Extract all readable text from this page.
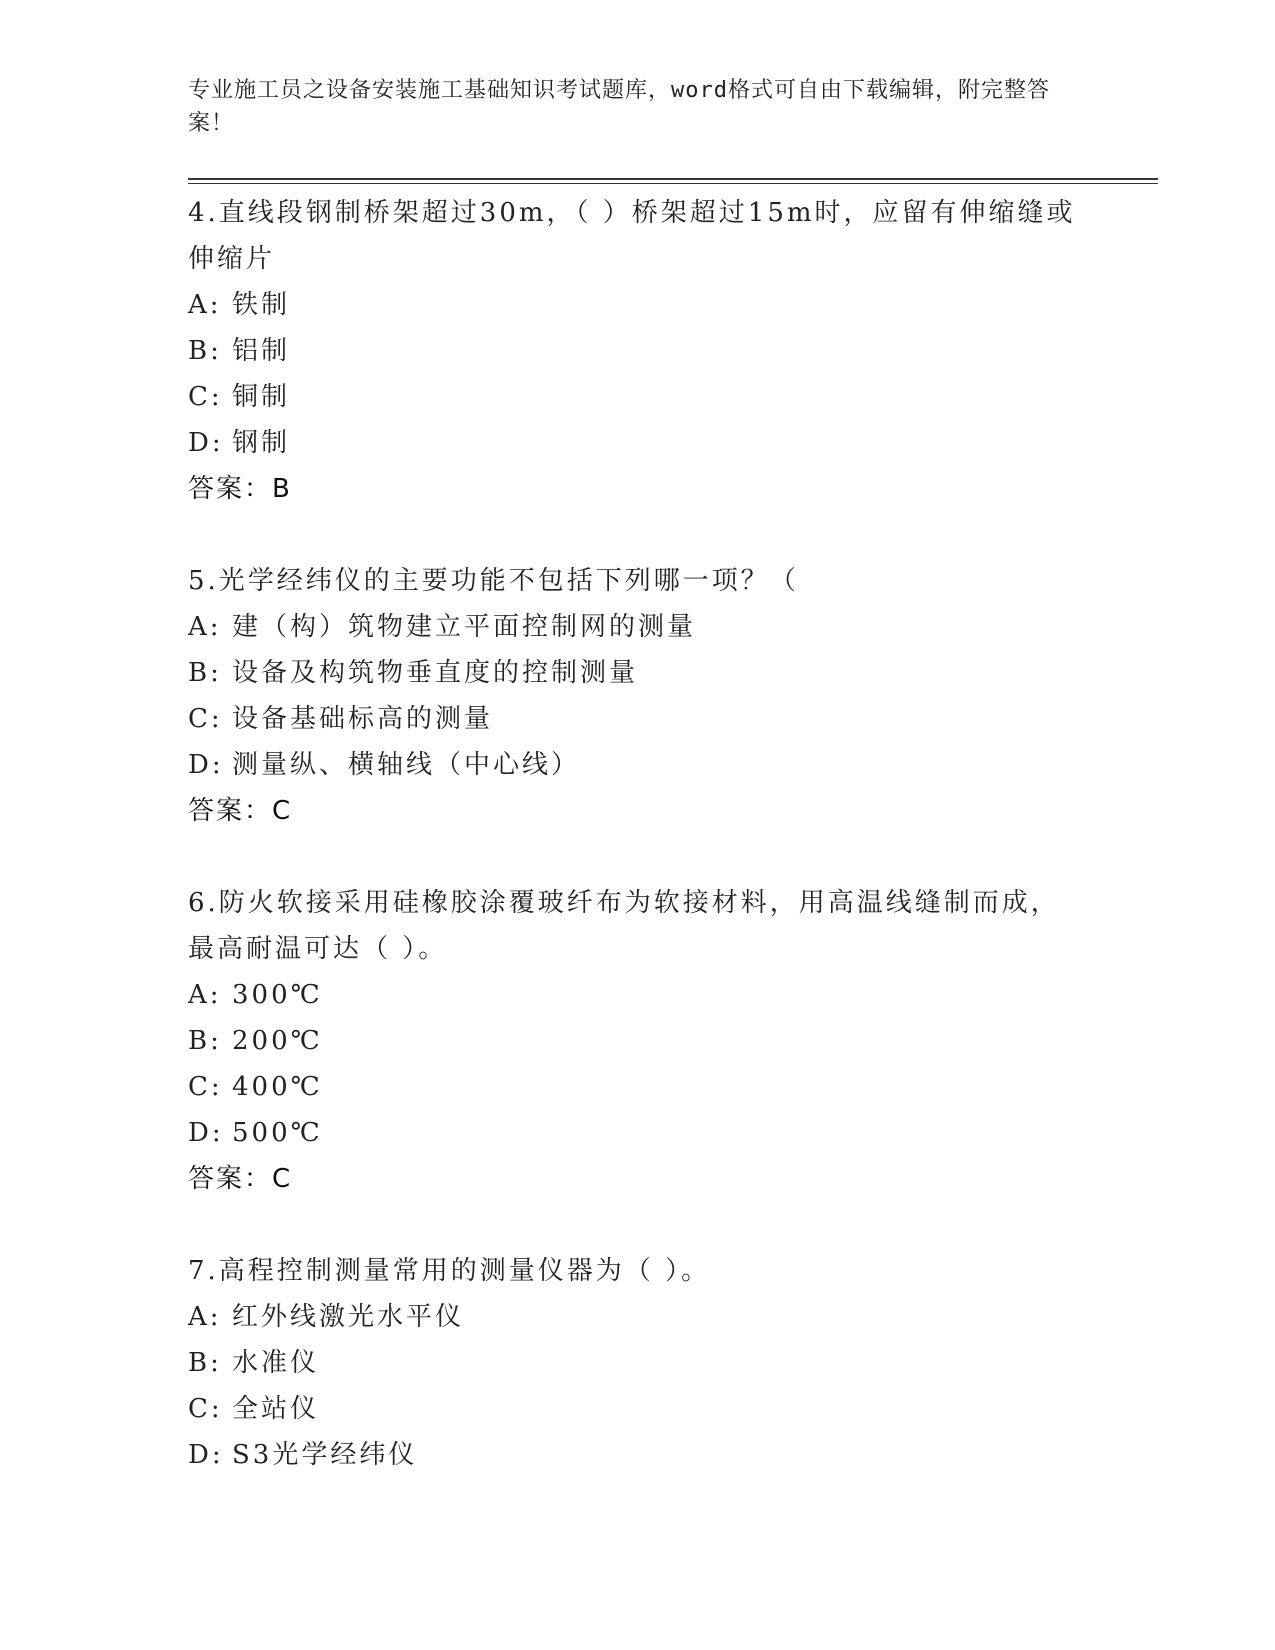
专业施工员之设备安装施工基础知识考试题库，word格式可自由下载编辑，附完整答案！
4.直线段钢制桥架超过30m，（ ）桥架超过15m时，应留有伸缩缝或伸缩片
A: 铁制
B: 铝制
C: 铜制
D: 钢制
答案：B
5.光学经纬仪的主要功能不包括下列哪一项？（
A: 建（构）筑物建立平面控制网的测量
B: 设备及构筑物垂直度的控制测量
C: 设备基础标高的测量
D: 测量纵、横轴线（中心线）
答案：C
6.防火软接采用硅橡胶涂覆玻纤布为软接材料，用高温线缝制而成，最高耐温可达（ ）。
A: 300℃
B: 200℃
C: 400℃
D: 500℃
答案：C
7.高程控制测量常用的测量仪器为（ ）。
A: 红外线激光水平仪
B: 水准仪
C: 全站仪
D: S3光学经纬仪
